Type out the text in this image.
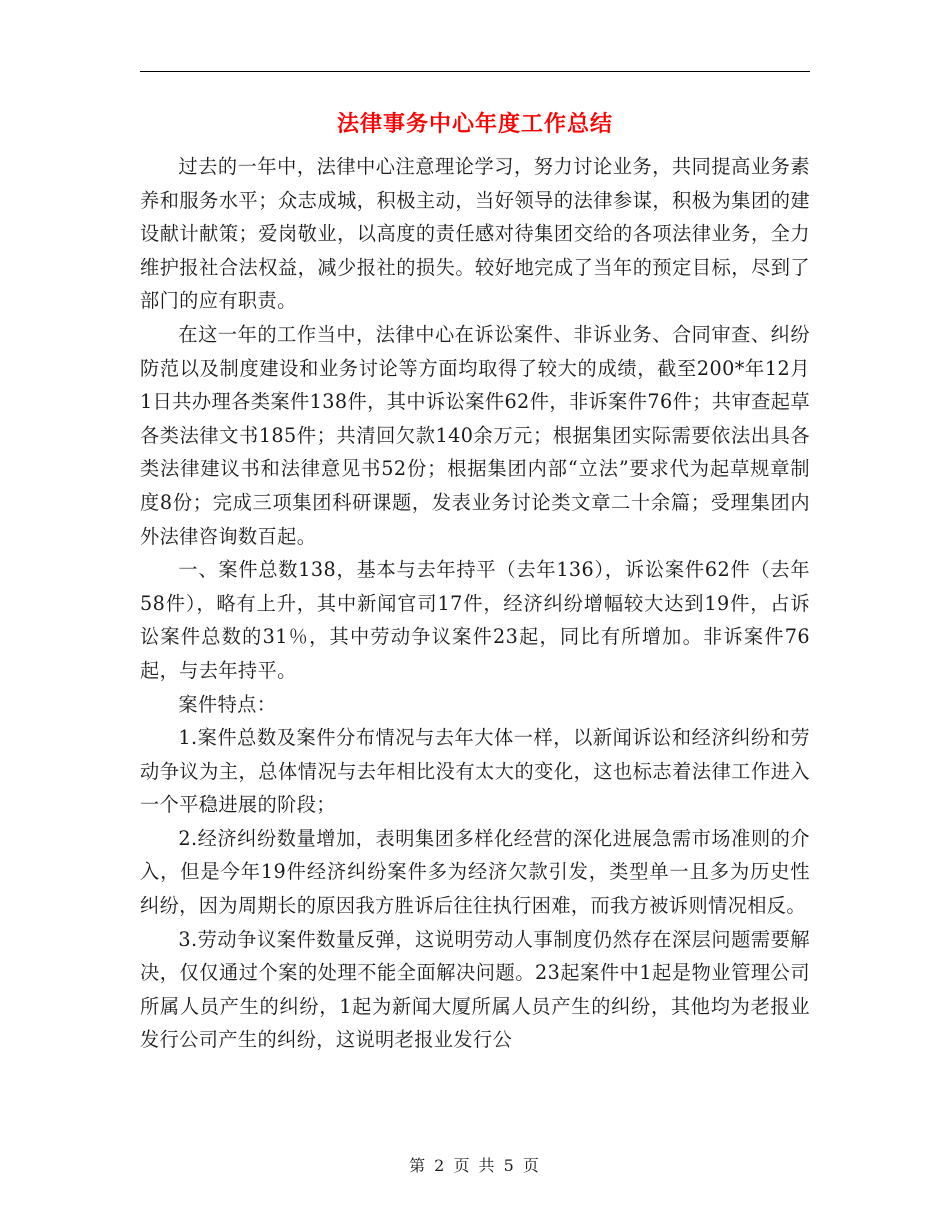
法律事务中心年度工作总结

过去的一年中，法律中心注意理论学习，努力讨论业务，共同提高业务素养和服务水平；众志成城，积极主动，当好领导的法律参谋，积极为集团的建设献计献策；爱岗敬业，以高度的责任感对待集团交给的各项法律业务，全力维护报社合法权益，减少报社的损失。较好地完成了当年的预定目标，尽到了部门的应有职责。

在这一年的工作当中，法律中心在诉讼案件、非诉业务、合同审查、纠纷防范以及制度建设和业务讨论等方面均取得了较大的成绩，截至200*年12月1日共办理各类案件138件，其中诉讼案件62件，非诉案件76件；共审查起草各类法律文书185件；共清回欠款140余万元；根据集团实际需要依法出具各类法律建议书和法律意见书52份；根据集团内部“立法”要求代为起草规章制度8份；完成三项集团科研课题，发表业务讨论类文章二十余篇；受理集团内外法律咨询数百起。

一、案件总数138，基本与去年持平（去年136），诉讼案件62件（去年58件），略有上升，其中新闻官司17件，经济纠纷增幅较大达到19件，占诉讼案件总数的31％，其中劳动争议案件23起，同比有所增加。非诉案件76起，与去年持平。

案件特点：

1.案件总数及案件分布情况与去年大体一样，以新闻诉讼和经济纠纷和劳动争议为主，总体情况与去年相比没有太大的变化，这也标志着法律工作进入一个平稳进展的阶段；

2.经济纠纷数量增加，表明集团多样化经营的深化进展急需市场准则的介入，但是今年19件经济纠纷案件多为经济欠款引发，类型单一且多为历史性纠纷，因为周期长的原因我方胜诉后往往执行困难，而我方被诉则情况相反。

3.劳动争议案件数量反弹，这说明劳动人事制度仍然存在深层问题需要解决，仅仅通过个案的处理不能全面解决问题。23起案件中1起是物业管理公司所属人员产生的纠纷，1起为新闻大厦所属人员产生的纠纷，其他均为老报业发行公司产生的纠纷，这说明老报业发行公

第 2 页 共 5 页
